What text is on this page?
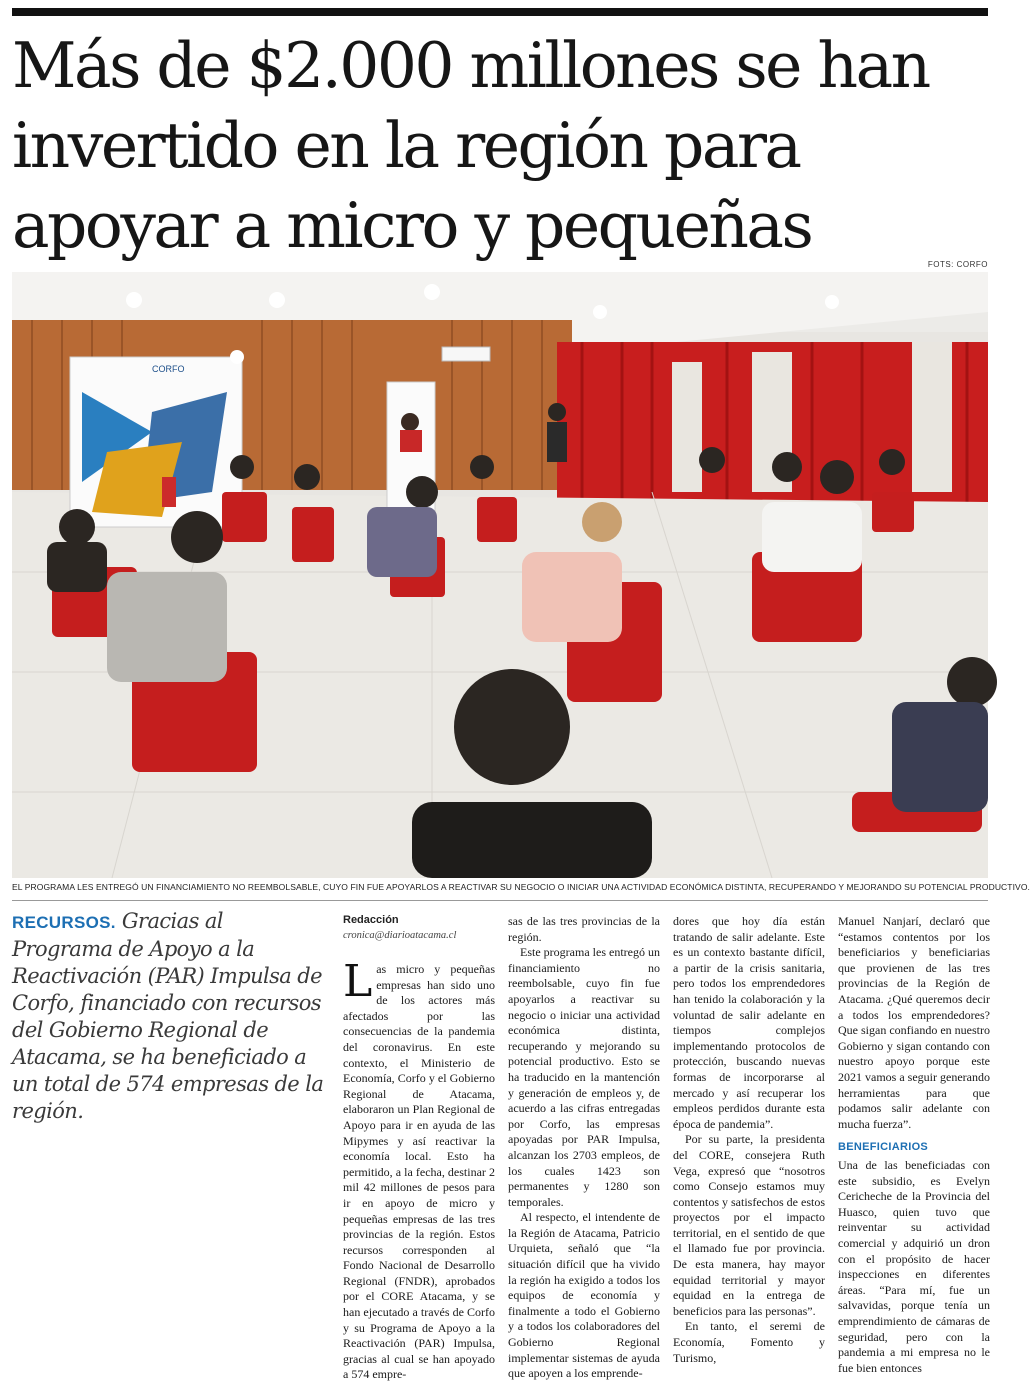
Más de $2.000 millones se han invertido en la región para apoyar a micro y pequeñas
FOTS: CORFO
CORFO
EL PROGRAMA LES ENTREGÓ UN FINANCIAMIENTO NO REEMBOLSABLE, CUYO FIN FUE APOYARLOS A REACTIVAR SU NEGOCIO O INICIAR UNA ACTIVIDAD ECONÓMICA DISTINTA, RECUPERANDO Y MEJORANDO SU POTENCIAL PRODUCTIVO.

RECURSOS. Gracias al Programa de Apoyo a la Reactivación (PAR) Impulsa de Corfo, financiado con recursos del Gobierno Regional de Atacama, se ha beneficiado a un total de 574 empresas de la región.

Redacción
cronica@diarioatacama.cl

Las micro y pequeñas empresas han sido uno de los actores más afectados por las consecuencias de la pandemia del coronavirus. En este contexto, el Ministerio de Economía, Corfo y el Gobierno Regional de Atacama, elaboraron un Plan Regional de Apoyo para ir en ayuda de las Mipymes y así reactivar la economía local. Esto ha permitido, a la fecha, destinar 2 mil 42 millones de pesos para ir en apoyo de micro y pequeñas empresas de las tres provincias de la región. Estos recursos corresponden al Fondo Nacional de Desarrollo Regional (FNDR), aprobados por el CORE Atacama, y se han ejecutado a través de Corfo y su Programa de Apoyo a la Reactivación (PAR) Impulsa, gracias al cual se han apoyado a 574 empre-

sas de las tres provincias de la región.

Este programa les entregó un financiamiento no reembolsable, cuyo fin fue apoyarlos a reactivar su negocio o iniciar una actividad económica distinta, recuperando y mejorando su potencial productivo. Esto se ha traducido en la mantención y generación de empleos y, de acuerdo a las cifras entregadas por Corfo, las empresas apoyadas por PAR Impulsa, alcanzan los 2703 empleos, de los cuales 1423 son permanentes y 1280 son temporales.

Al respecto, el intendente de la Región de Atacama, Patricio Urquieta, señaló que “la situación difícil que ha vivido la región ha exigido a todos los equipos de economía y finalmente a todo el Gobierno y a todos los colaboradores del Gobierno Regional implementar sistemas de ayuda que apoyen a los emprende-

dores que hoy día están tratando de salir adelante. Este es un contexto bastante difícil, a partir de la crisis sanitaria, pero todos los emprendedores han tenido la colaboración y la voluntad de salir adelante en tiempos complejos implementando protocolos de protección, buscando nuevas formas de incorporarse al mercado y así recuperar los empleos perdidos durante esta época de pandemia”.

Por su parte, la presidenta del CORE, consejera Ruth Vega, expresó que “nosotros como Consejo estamos muy contentos y satisfechos de estos proyectos por el impacto territorial, en el sentido de que el llamado fue por provincia. De esta manera, hay mayor equidad territorial y mayor equidad en la entrega de beneficios para las personas”.

En tanto, el seremi de Economía, Fomento y Turismo,

Manuel Nanjarí, declaró que “estamos contentos por los beneficiarios y beneficiarias que provienen de las tres provincias de la Región de Atacama. ¿Qué queremos decir a todos los emprendedores? Que sigan confiando en nuestro Gobierno y sigan contando con nuestro apoyo porque este 2021 vamos a seguir generando herramientas para que podamos salir adelante con mucha fuerza”.

BENEFICIARIOS

Una de las beneficiadas con este subsidio, es Evelyn Cericheche de la Provincia del Huasco, quien tuvo que reinventar su actividad comercial y adquirió un dron con el propósito de hacer inspecciones en diferentes áreas. “Para mí, fue un salvavidas, porque tenía un emprendimiento de cámaras de seguridad, pero con la pandemia a mi empresa no le fue bien entonces
